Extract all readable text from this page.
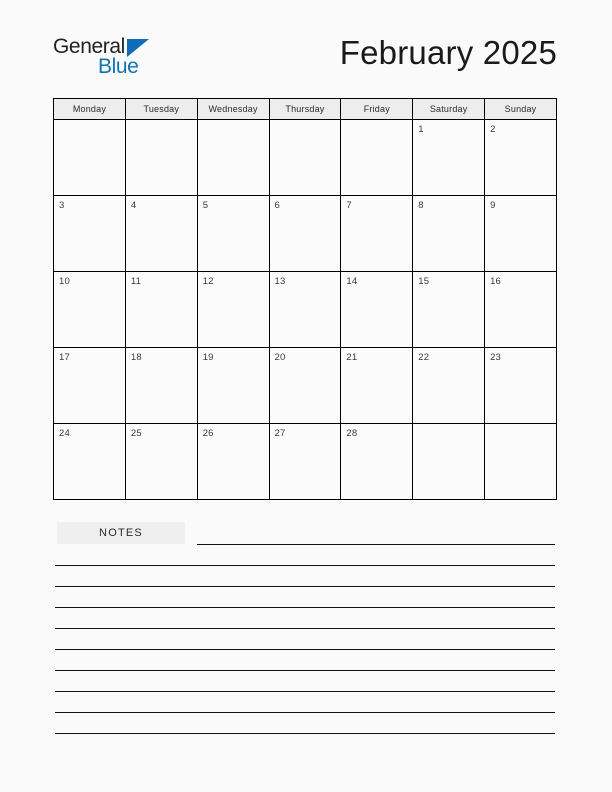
General
Blue	February 2025
Monday	Tuesday	Wednesday	Thursday	Friday	Saturday	Sunday

					1	2

3	4	5	6	7	8	9

10	11	12	13	14	15	16

17	18	19	20	21	22	23

24	25	26	27	28		

NOTES
